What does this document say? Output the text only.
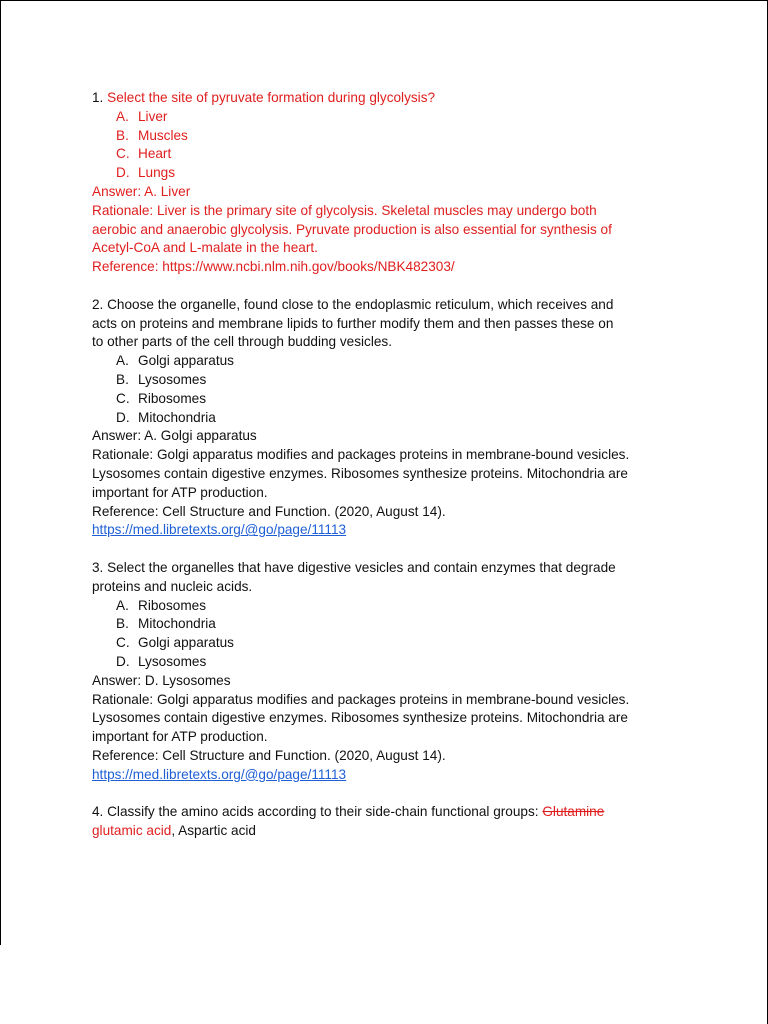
1. Select the site of pyruvate formation during glycolysis?
A. Liver
B. Muscles
C. Heart
D. Lungs
Answer: A. Liver
Rationale: Liver is the primary site of glycolysis. Skeletal muscles may undergo both
aerobic and anaerobic glycolysis. Pyruvate production is also essential for synthesis of
Acetyl-CoA and L-malate in the heart.
Reference: https://www.ncbi.nlm.nih.gov/books/NBK482303/
2. Choose the organelle, found close to the endoplasmic reticulum, which receives and
acts on proteins and membrane lipids to further modify them and then passes these on
to other parts of the cell through budding vesicles.
A. Golgi apparatus
B. Lysosomes
C. Ribosomes
D. Mitochondria
Answer: A. Golgi apparatus
Rationale: Golgi apparatus modifies and packages proteins in membrane-bound vesicles.
Lysosomes contain digestive enzymes. Ribosomes synthesize proteins. Mitochondria are
important for ATP production.
Reference: Cell Structure and Function. (2020, August 14).
https://med.libretexts.org/@go/page/11113
3. Select the organelles that have digestive vesicles and contain enzymes that degrade
proteins and nucleic acids.
A. Ribosomes
B. Mitochondria
C. Golgi apparatus
D. Lysosomes
Answer: D. Lysosomes
Rationale: Golgi apparatus modifies and packages proteins in membrane-bound vesicles.
Lysosomes contain digestive enzymes. Ribosomes synthesize proteins. Mitochondria are
important for ATP production.
Reference: Cell Structure and Function. (2020, August 14).
https://med.libretexts.org/@go/page/11113
4. Classify the amino acids according to their side-chain functional groups: Glutamine
glutamic acid, Aspartic acid
